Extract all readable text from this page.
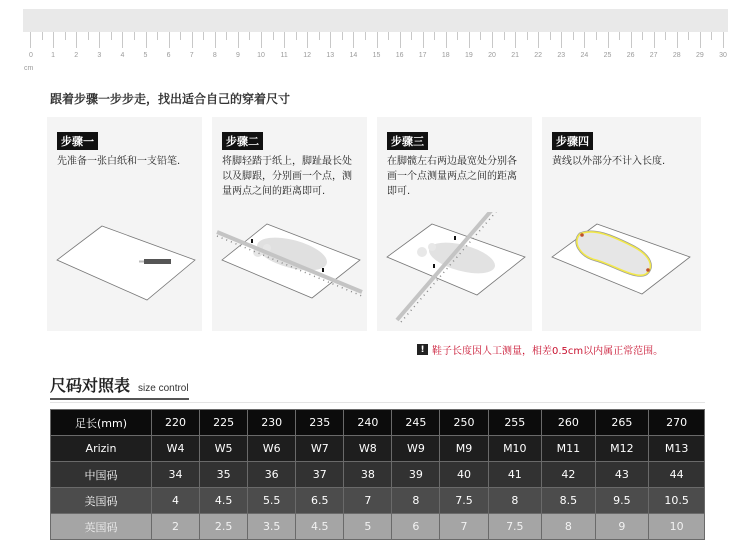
0	1	2	3	4	5	6	7	8	9 10 11 12 13 14 15 16 17 18 19 20 21 22 23 24 25 26 27 28 29 30
cm
跟着步骤一步步走，找出适合自己的穿着尺寸
步骤一
先准备一张白纸和一支铅笔.
步骤二
将脚轻踏于纸上，脚趾最长处以及脚跟，分别画一个点，测量两点之间的距离即可.
步骤三
在脚髋左右两边最宽处分别各画一个点测量两点之间的距离即可.
步骤四
黄线以外部分不计入长度.
! 鞋子长度因人工测量，相差0.5cm以内属正常范围。
尺码对照表 size control
足长(mm)	220	225	230	235	240	245	250	255	260	265	270
Arizin	W4	W5	W6	W7	W8	W9	M9	M10	M11	M12	M13
中国码	34	35	36	37	38	39	40	41	42	43	44
美国码	4	4.5	5.5	6.5	7	8	7.5	8	8.5	9.5	10.5
英国码	2	2.5	3.5	4.5	5	6	7	7.5	8	9	10
